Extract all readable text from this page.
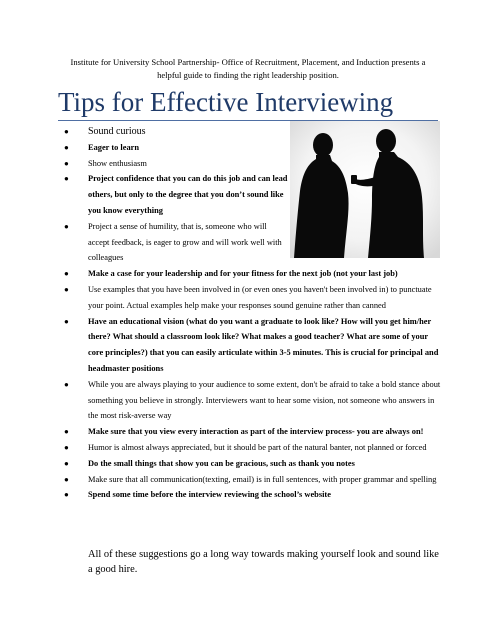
Institute for University School Partnership- Office of Recruitment, Placement, and Induction presents a helpful guide to finding the right leadership position.
Tips for Effective Interviewing
● Sound curious
● Eager to learn
● Show enthusiasm
● Project confidence that you can do this job and can lead others, but only to the degree that you don’t sound like you know everything
● Project a sense of humility, that is, someone who will accept feedback, is eager to grow and will work well with colleagues
● Make a case for your leadership and for your fitness for the next job (not your last job)
● Use examples that you have been involved in (or even ones you haven't been involved in) to punctuate your point. Actual examples help make your responses sound genuine rather than canned
● Have an educational vision (what do you want a graduate to look like? How will you get him/her there? What should a classroom look like? What makes a good teacher? What are some of your core principles?) that you can easily articulate within 3-5 minutes. This is crucial for principal and headmaster positions
● While you are always playing to your audience to some extent, don't be afraid to take a bold stance about something you believe in strongly. Interviewers want to hear some vision, not someone who answers in the most risk-averse way
● Make sure that you view every interaction as part of the interview process- you are always on!
● Humor is almost always appreciated, but it should be part of the natural banter, not planned or forced
● Do the small things that show you can be gracious, such as thank you notes
● Make sure that all communication(texting, email) is in full sentences, with proper grammar and spelling
● Spend some time before the interview reviewing the school’s website
All of these suggestions go a long way towards making yourself look and sound like a good hire.
